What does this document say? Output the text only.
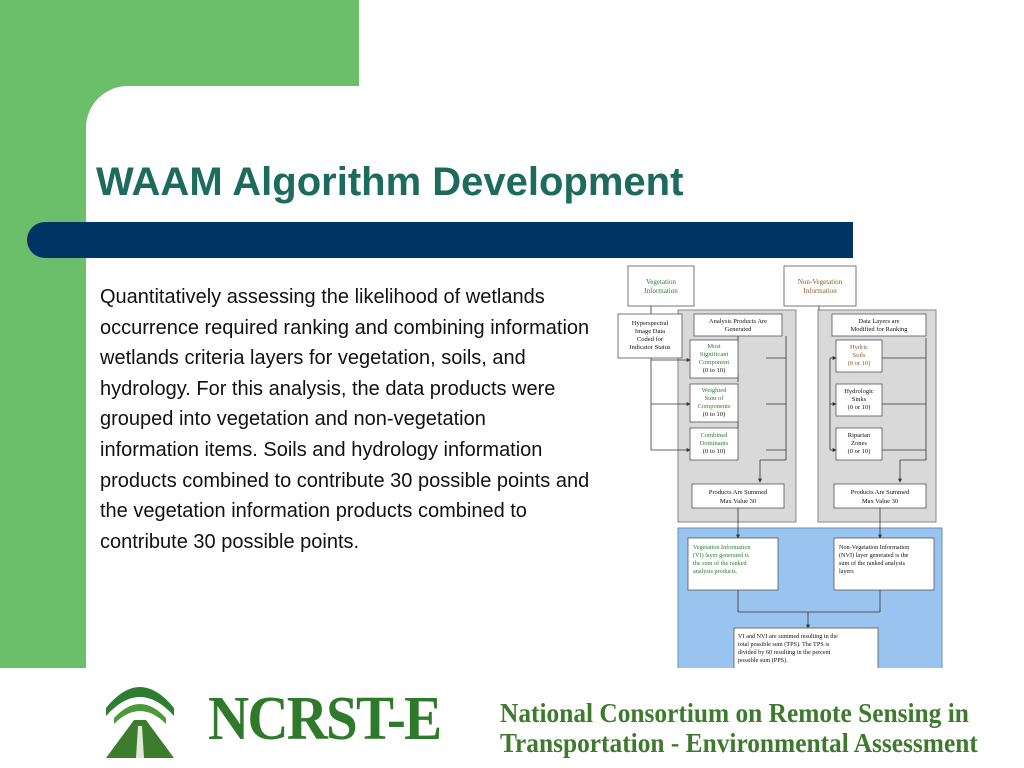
WAAM Algorithm Development

Quantitatively assessing the likelihood of wetlands occurrence required ranking and combining information wetlands criteria layers for vegetation, soils, and hydrology. For this analysis, the data products were grouped into vegetation and non-vegetation information items. Soils and hydrology information products combined to contribute 30 possible points and the vegetation information products combined to contribute 30 possible points.

Vegetation
Information
Non-Vegetation
Information
Hyperspectral
Image Data
Coded for
Indicator Status
Analysis Products Are
Generated
Most
Significant
Component
(0 to 10)
Weighted
Sum of
Components
(0 to 10)
Combined
Dominants
(0 to 10)
Products Are Summed
Max Value 30
Data Layers are
Modified for Ranking
Hydric
Soils
(0 or 10)
Hydrologic
Sinks
(0 or 10)
Riparian
Zones
(0 or 10)
Products Are Summed
Max Value 30
Vegetation Information
(VI) layer generated is
the sum of the ranked
analysis products.
Non-Vegetation Information
(NVI) layer generated is the
sum of the ranked analysis
layers
VI and NVI are summed resulting in the
total possible sum (TPS). The TPS is
divided by 60 resulting in the percent
possible sum (PPS).
NCRST-E National Consortium on Remote Sensing in
Transportation - Environmental Assessment
